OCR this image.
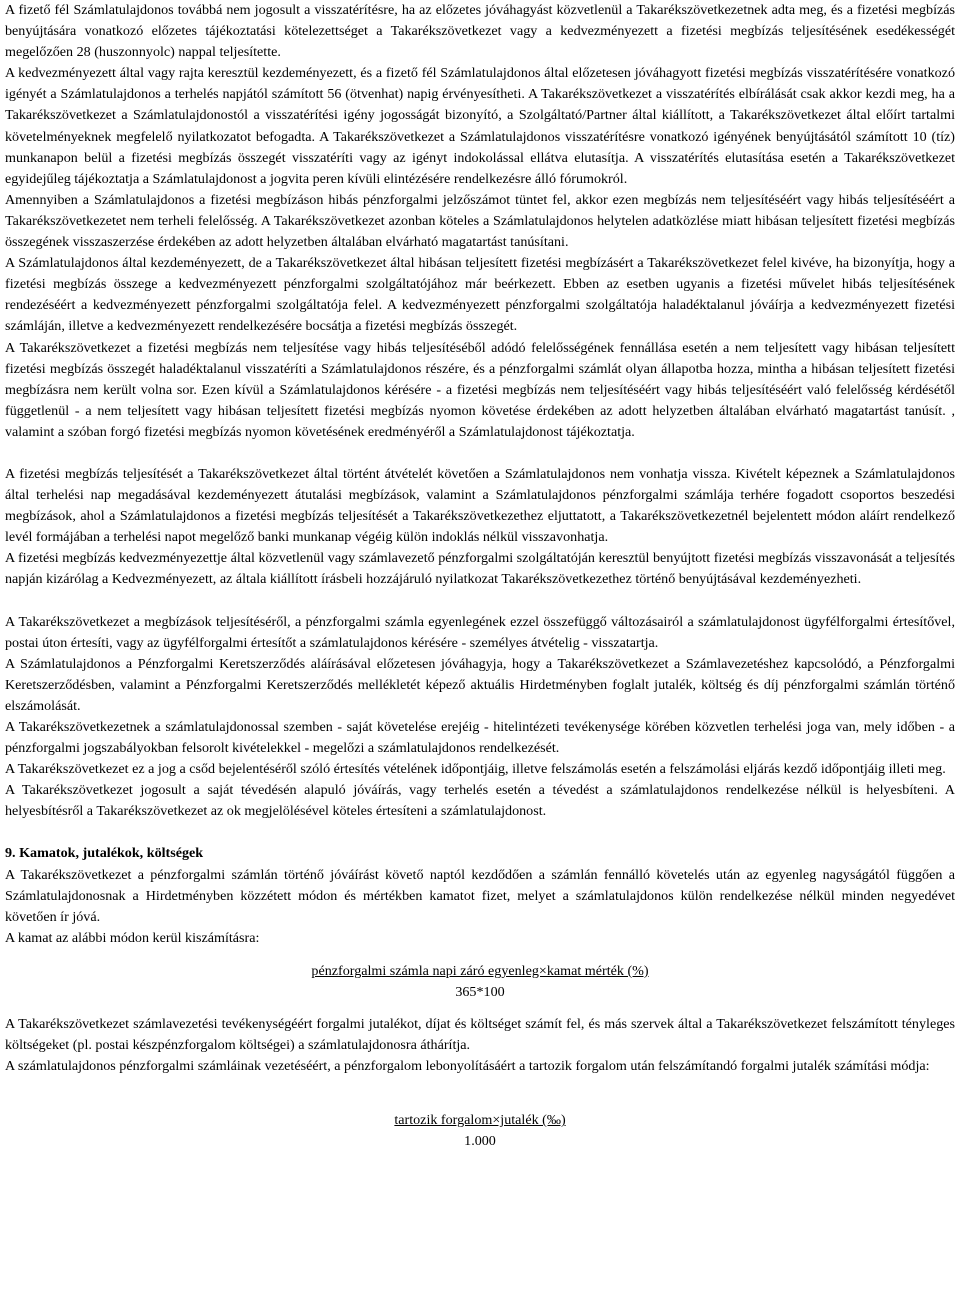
A fizető fél Számlatulajdonos továbbá nem jogosult a visszatérítésre, ha az előzetes jóváhagyást közvetlenül a Takarékszövetkezetnek adta meg, és a fizetési megbízás benyújtására vonatkozó előzetes tájékoztatási kötelezettséget a Takarékszövetkezet vagy a kedvezményezett a fizetési megbízás teljesítésének esedékességét megelőzően 28 (huszonnyolc) nappal teljesítette.

A kedvezményezett által vagy rajta keresztül kezdeményezett, és a fizető fél Számlatulajdonos által előzetesen jóváhagyott fizetési megbízás visszatérítésére vonatkozó igényét a Számlatulajdonos a terhelés napjától számított 56 (ötvenhat) napig érvényesítheti. A Takarékszövetkezet a visszatérítés elbírálását csak akkor kezdi meg, ha a Takarékszövetkezet a Számlatulajdonostól a visszatérítési igény jogosságát bizonyító, a Szolgáltató/Partner által kiállított, a Takarékszövetkezet által előírt tartalmi követelményeknek megfelelő nyilatkozatot befogadta. A Takarékszövetkezet a Számlatulajdonos visszatérítésre vonatkozó igényének benyújtásától számított 10 (tíz) munkanapon belül a fizetési megbízás összegét visszatéríti vagy az igényt indokolással ellátva elutasítja. A visszatérítés elutasítása esetén a Takarékszövetkezet egyidejűleg tájékoztatja a Számlatulajdonost a jogvita peren kívüli elintézésére rendelkezésre álló fórumokról.

Amennyiben a Számlatulajdonos a fizetési megbízáson hibás pénzforgalmi jelzőszámot tüntet fel, akkor ezen megbízás nem teljesítéséért vagy hibás teljesítéséért a Takarékszövetkezetet nem terheli felelősség. A Takarékszövetkezet azonban köteles a Számlatulajdonos helytelen adatközlése miatt hibásan teljesített fizetési megbízás összegének visszaszerzése érdekében az adott helyzetben általában elvárható magatartást tanúsítani.

A Számlatulajdonos által kezdeményezett, de a Takarékszövetkezet által hibásan teljesített fizetési megbízásért a Takarékszövetkezet felel kivéve, ha bizonyítja, hogy a fizetési megbízás összege a kedvezményezett pénzforgalmi szolgáltatójához már beérkezett. Ebben az esetben ugyanis a fizetési művelet hibás teljesítésének rendezéséért a kedvezményezett pénzforgalmi szolgáltatója felel. A kedvezményezett pénzforgalmi szolgáltatója haladéktalanul jóváírja a kedvezményezett fizetési számláján, illetve a kedvezményezett rendelkezésére bocsátja a fizetési megbízás összegét.

A Takarékszövetkezet a fizetési megbízás nem teljesítése vagy hibás teljesítéséből adódó felelősségének fennállása esetén a nem teljesített vagy hibásan teljesített fizetési megbízás összegét haladéktalanul visszatéríti a Számlatulajdonos részére, és a pénzforgalmi számlát olyan állapotba hozza, mintha a hibásan teljesített fizetési megbízásra nem került volna sor. Ezen kívül a Számlatulajdonos kérésére - a fizetési megbízás nem teljesítéséért vagy hibás teljesítéséért való felelősség kérdésétől függetlenül - a nem teljesített vagy hibásan teljesített fizetési megbízás nyomon követése érdekében az adott helyzetben általában elvárható magatartást tanúsít. , valamint a szóban forgó fizetési megbízás nyomon követésének eredményéről a Számlatulajdonost tájékoztatja.

A fizetési megbízás teljesítését a Takarékszövetkezet által történt átvételét követően a Számlatulajdonos nem vonhatja vissza. Kivételt képeznek a Számlatulajdonos által terhelési nap megadásával kezdeményezett átutalási megbízások, valamint a Számlatulajdonos pénzforgalmi számlája terhére fogadott csoportos beszedési megbízások, ahol a Számlatulajdonos a fizetési megbízás teljesítését a Takarékszövetkezethez eljuttatott, a Takarékszövetkezetnél bejelentett módon aláírt rendelkező levél formájában a terhelési napot megelőző banki munkanap végéig külön indoklás nélkül visszavonhatja.

A fizetési megbízás kedvezményezettje által közvetlenül vagy számlavezető pénzforgalmi szolgáltatóján keresztül benyújtott fizetési megbízás visszavonását a teljesítés napján kizárólag a Kedvezményezett, az általa kiállított írásbeli hozzájáruló nyilatkozat Takarékszövetkezethez történő benyújtásával kezdeményezheti.

A Takarékszövetkezet a megbízások teljesítéséről, a pénzforgalmi számla egyenlegének ezzel összefüggő változásairól a számlatulajdonost ügyfélforgalmi értesítővel, postai úton értesíti, vagy az ügyfélforgalmi értesítőt a számlatulajdonos kérésére - személyes átvételig - visszatartja.

A Számlatulajdonos a Pénzforgalmi Keretszerződés aláírásával előzetesen jóváhagyja, hogy a Takarékszövetkezet a Számlavezetéshez kapcsolódó, a Pénzforgalmi Keretszerződésben, valamint a Pénzforgalmi Keretszerződés mellékletét képező aktuális Hirdetményben foglalt jutalék, költség és díj pénzforgalmi számlán történő elszámolását.

A Takarékszövetkezetnek a számlatulajdonossal szemben - saját követelése erejéig - hitelintézeti tevékenysége körében közvetlen terhelési joga van, mely időben - a pénzforgalmi jogszabályokban felsorolt kivételekkel - megelőzi a számlatulajdonos rendelkezését.

A Takarékszövetkezet ez a jog a csőd bejelentéséről szóló értesítés vételének időpontjáig, illetve felszámolás esetén a felszámolási eljárás kezdő időpontjáig illeti meg.

A Takarékszövetkezet jogosult a saját tévedésén alapuló jóváírás, vagy terhelés esetén a tévedést a számlatulajdonos rendelkezése nélkül is helyesbíteni. A helyesbítésről a Takarékszövetkezet az ok megjelölésével köteles értesíteni a számlatulajdonost.

9. Kamatok, jutalékok, költségek

A Takarékszövetkezet a pénzforgalmi számlán történő jóváírást követő naptól kezdődően a számlán fennálló követelés után az egyenleg nagyságától függően a Számlatulajdonosnak a Hirdetményben közzétett módon és mértékben kamatot fizet, melyet a számlatulajdonos külön rendelkezése nélkül minden negyedévet követően ír jóvá.

A kamat az alábbi módon kerül kiszámításra:

pénzforgalmi számla napi záró egyenleg×kamat mérték (%)
365*100

A Takarékszövetkezet számlavezetési tevékenységéért forgalmi jutalékot, díjat és költséget számít fel, és más szervek által a Takarékszövetkezet felszámított tényleges költségeket (pl. postai készpénzforgalom költségei) a számlatulajdonosra áthárítja.

A számlatulajdonos pénzforgalmi számláinak vezetéséért, a pénzforgalom lebonyolításáért a tartozik forgalom után felszámítandó forgalmi jutalék számítási módja:

tartozik forgalom×jutalék (‰)
1.000
